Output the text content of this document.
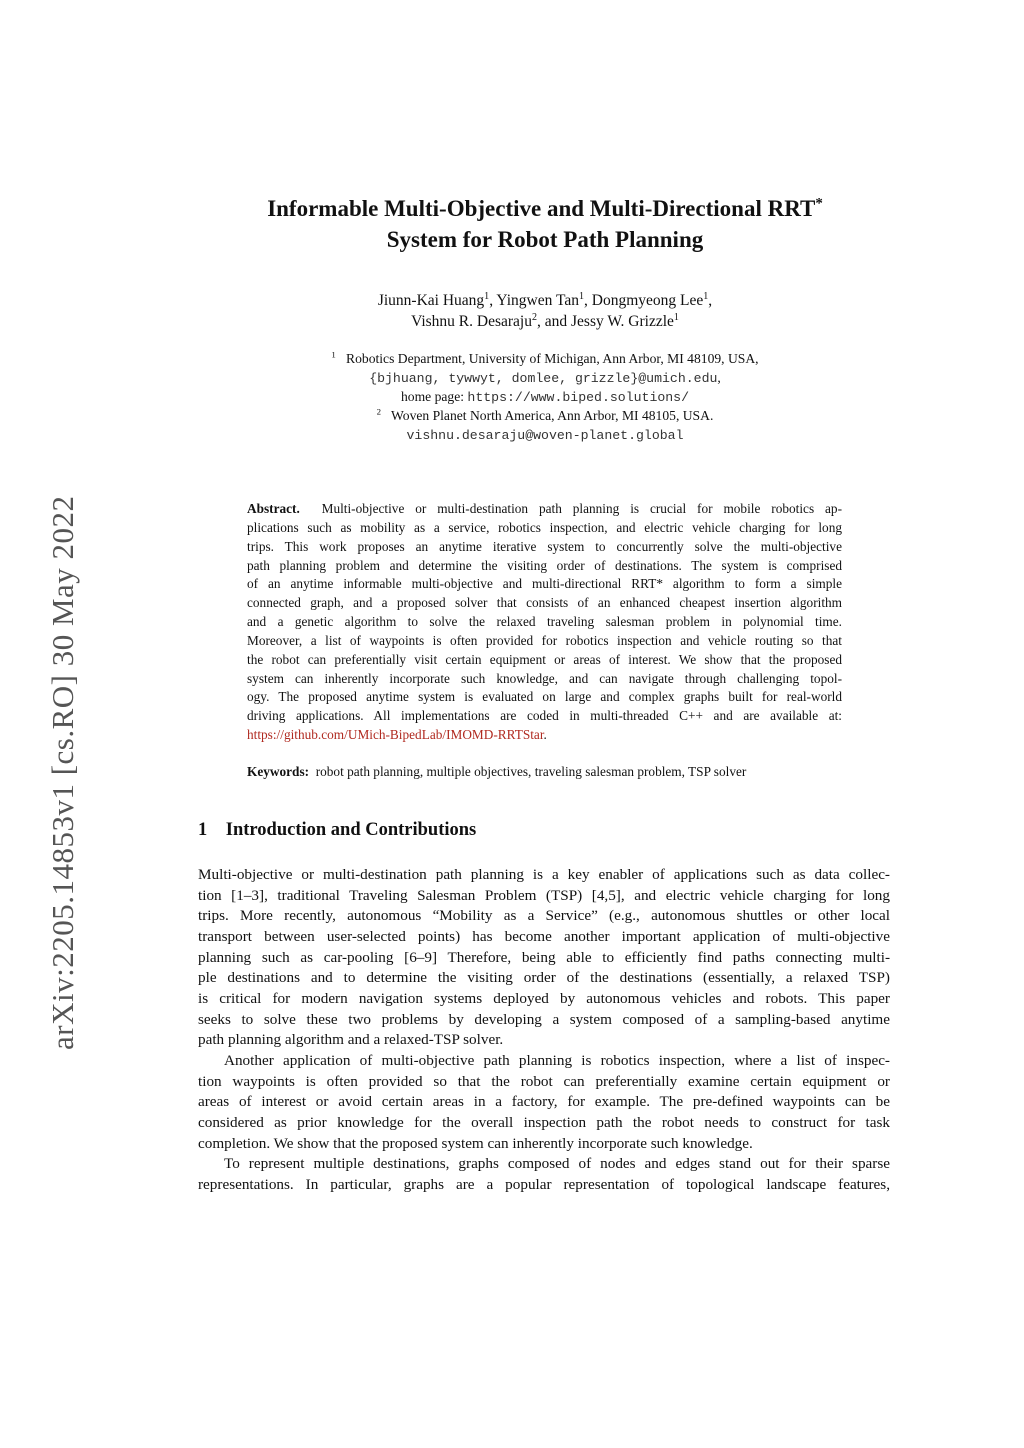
arXiv:2205.14853v1 [cs.RO] 30 May 2022
Informable Multi-Objective and Multi-Directional RRT*
System for Robot Path Planning
Jiunn-Kai Huang$^1$, Yingwen Tan$^1$, Dongmyeong Lee$^1$,
Vishnu R. Desaraju$^2$, and Jessy W. Grizzle$^1$
$^1$ Robotics Department, University of Michigan, Ann Arbor, MI 48109, USA,
{bjhuang, tywwyt, domlee, grizzle}@umich.edu,
home page: https://www.biped.solutions/
$^2$ Woven Planet North America, Ann Arbor, MI 48105, USA.
vishnu.desaraju@woven-planet.global
Abstract. Multi-objective or multi-destination path planning is crucial for mobile robotics ap-
plications such as mobility as a service, robotics inspection, and electric vehicle charging for long
trips. This work proposes an anytime iterative system to concurrently solve the multi-objective
path planning problem and determine the visiting order of destinations. The system is comprised
of an anytime informable multi-objective and multi-directional RRT* algorithm to form a simple
connected graph, and a proposed solver that consists of an enhanced cheapest insertion algorithm
and a genetic algorithm to solve the relaxed traveling salesman problem in polynomial time.
Moreover, a list of waypoints is often provided for robotics inspection and vehicle routing so that
the robot can preferentially visit certain equipment or areas of interest. We show that the proposed
system can inherently incorporate such knowledge, and can navigate through challenging topol-
ogy. The proposed anytime system is evaluated on large and complex graphs built for real-world
driving applications. All implementations are coded in multi-threaded C++ and are available at:
https://github.com/UMich-BipedLab/IMOMD-RRTStar.
Keywords: robot path planning, multiple objectives, traveling salesman problem, TSP solver
1 Introduction and Contributions
Multi-objective or multi-destination path planning is a key enabler of applications such as data collec-
tion [1–3], traditional Traveling Salesman Problem (TSP) [4,5], and electric vehicle charging for long
trips. More recently, autonomous “Mobility as a Service” (e.g., autonomous shuttles or other local
transport between user-selected points) has become another important application of multi-objective
planning such as car-pooling [6–9] Therefore, being able to efficiently find paths connecting multi-
ple destinations and to determine the visiting order of the destinations (essentially, a relaxed TSP)
is critical for modern navigation systems deployed by autonomous vehicles and robots. This paper
seeks to solve these two problems by developing a system composed of a sampling-based anytime
path planning algorithm and a relaxed-TSP solver.
Another application of multi-objective path planning is robotics inspection, where a list of inspec-
tion waypoints is often provided so that the robot can preferentially examine certain equipment or
areas of interest or avoid certain areas in a factory, for example. The pre-defined waypoints can be
considered as prior knowledge for the overall inspection path the robot needs to construct for task
completion. We show that the proposed system can inherently incorporate such knowledge.
To represent multiple destinations, graphs composed of nodes and edges stand out for their sparse
representations. In particular, graphs are a popular representation of topological landscape features,
